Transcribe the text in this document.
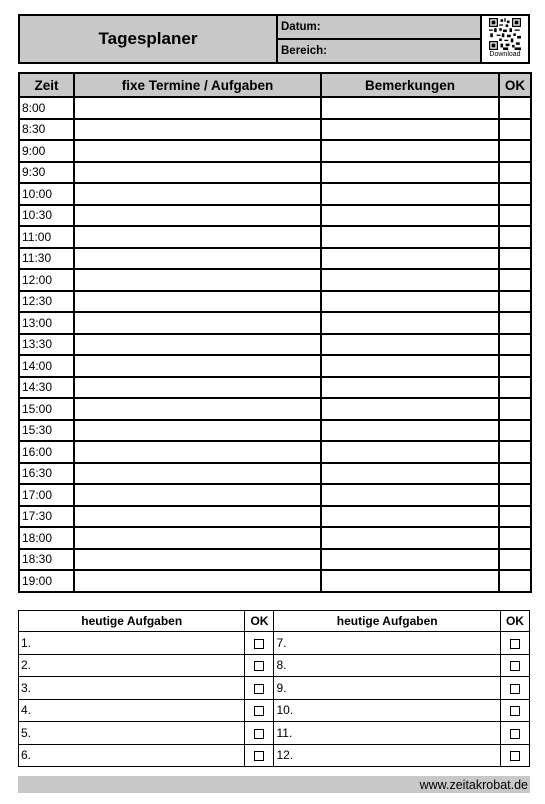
Tagesplaner
Datum:
Bereich:	Download
Zeit	fixe Termine / Aufgaben	Bemerkungen	OK
8:00			
8:30			
9:00			
9:30			
10:00			
10:30			
11:00			
11:30			
12:00			
12:30			
13:00			
13:30			
14:00			
14:30			
15:00			
15:30			
16:00			
16:30			
17:00			
17:30			
18:00			
18:30			
19:00			
heutige Aufgaben	OK	heutige Aufgaben	OK
1.		7.	
2.		8.	
3.		9.	
4.		10.	
5.		11.	
6.		12.	
www.zeitakrobat.de
